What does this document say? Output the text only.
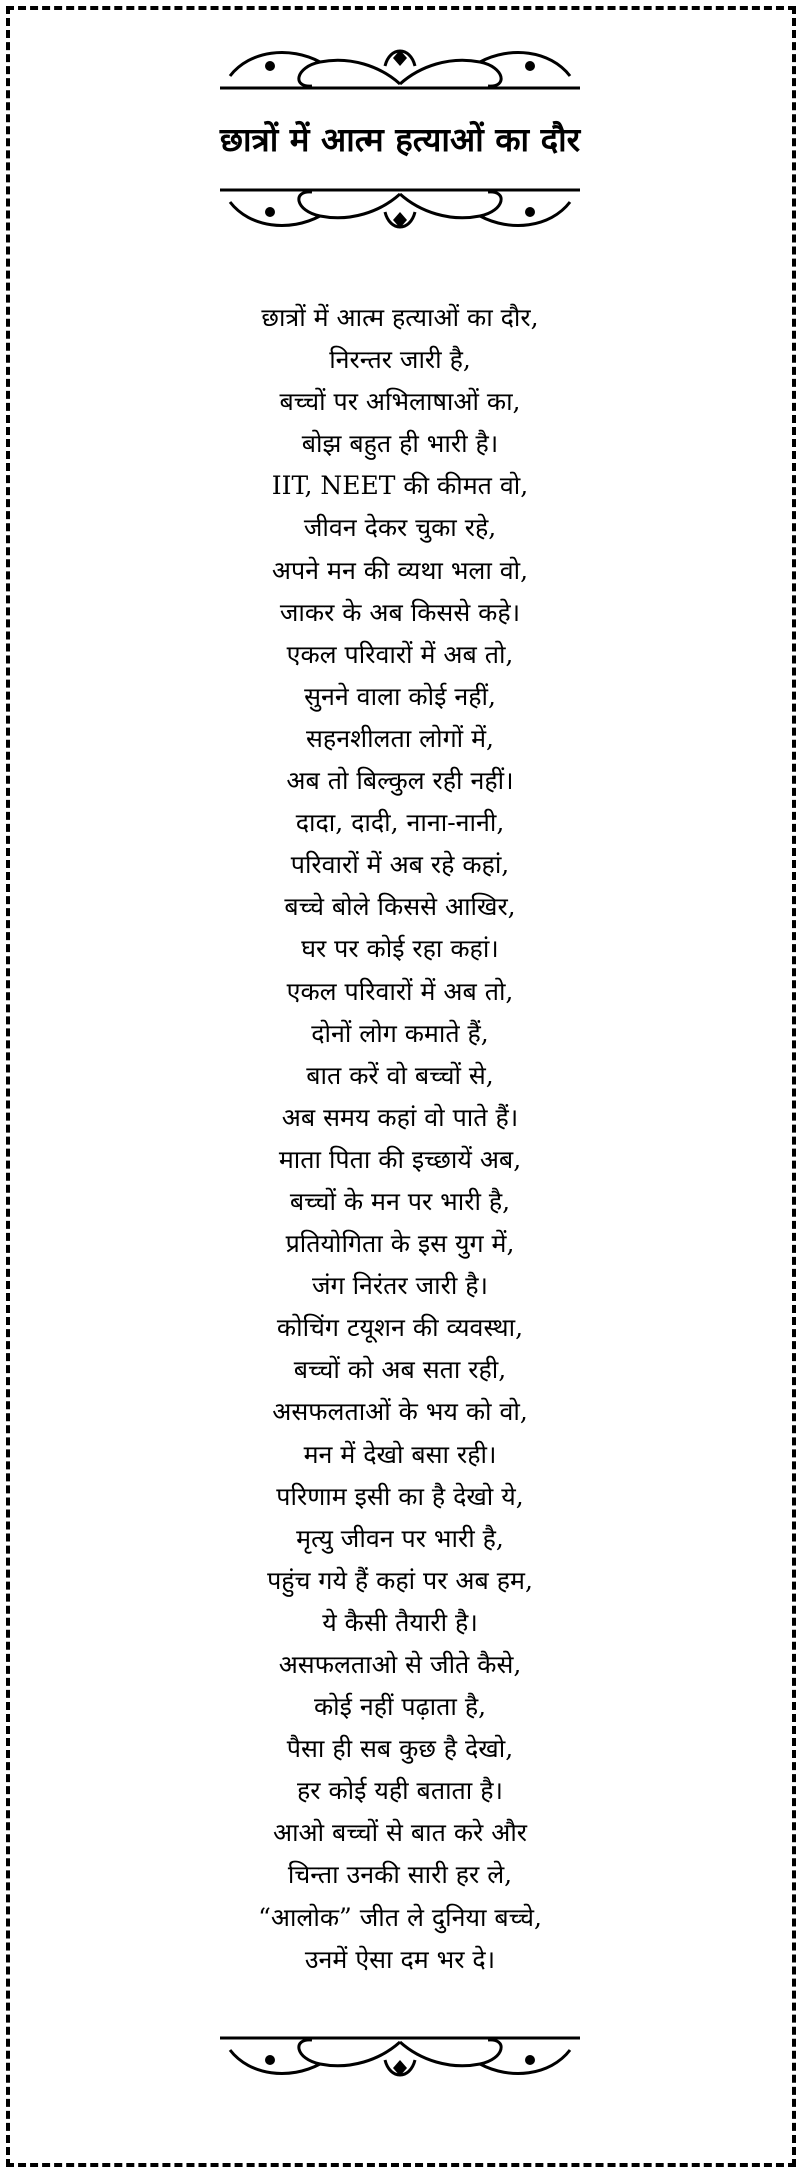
छात्रों में आत्म हत्याओं का दौर
छात्रों में आत्म हत्याओं का दौर,
निरन्तर जारी है,
बच्चों पर अभिलाषाओं का,
बोझ बहुत ही भारी है।
IIT, NEET की कीमत वो,
जीवन देकर चुका रहे,
अपने मन की व्यथा भला वो,
जाकर के अब किससे कहे।
एकल परिवारों में अब तो,
सुनने वाला कोई नहीं,
सहनशीलता लोगों में,
अब तो बिल्कुल रही नहीं।
दादा, दादी, नाना-नानी,
परिवारों में अब रहे कहां,
बच्चे बोले किससे आखिर,
घर पर कोई रहा कहां।
एकल परिवारों में अब तो,
दोनों लोग कमाते हैं,
बात करें वो बच्चों से,
अब समय कहां वो पाते हैं।
माता पिता की इच्छायें अब,
बच्चों के मन पर भारी है,
प्रतियोगिता के इस युग में,
जंग निरंतर जारी है।
कोचिंग टयूशन की व्यवस्था,
बच्चों को अब सता रही,
असफलताओं के भय को वो,
मन में देखो बसा रही।
परिणाम इसी का है देखो ये,
मृत्यु जीवन पर भारी है,
पहुंच गये हैं कहां पर अब हम,
ये कैसी तैयारी है।
असफलताओ से जीते कैसे,
कोई नहीं पढ़ाता है,
पैसा ही सब कुछ है देखो,
हर कोई यही बताता है।
आओ बच्चों से बात करे और
चिन्ता उनकी सारी हर ले,
“आलोक” जीत ले दुनिया बच्चे,
उनमें ऐसा दम भर दे।
